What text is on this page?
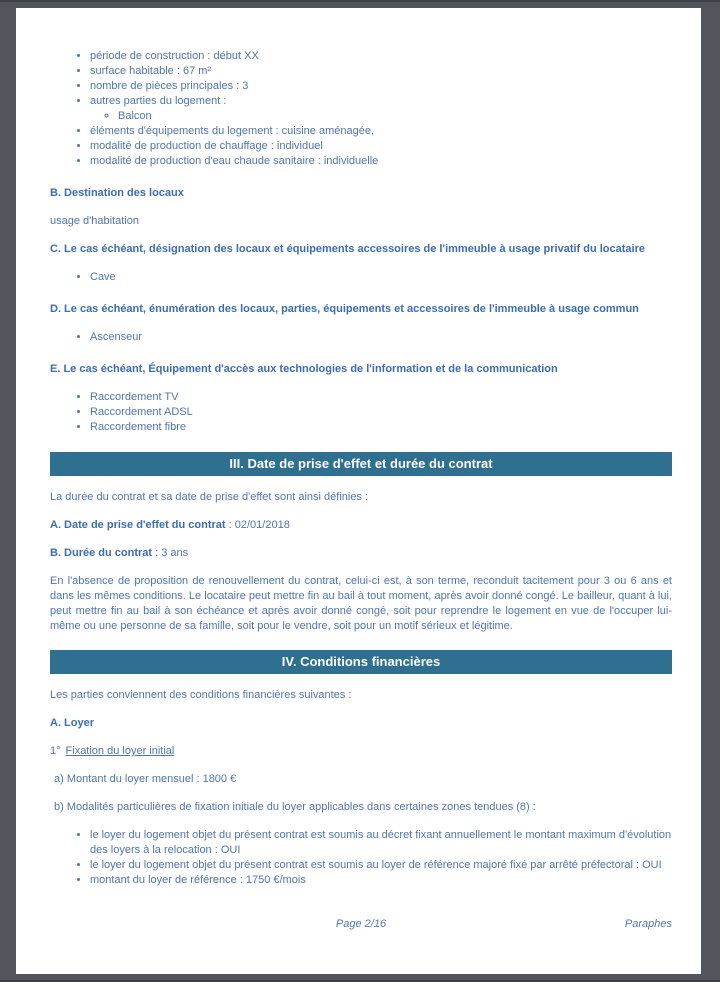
• période de construction : début XX
• surface habitable : 67 m²
• nombre de pièces principales : 3
• autres parties du logement :
◦ Balcon
• éléments d'équipements du logement : cuisine aménagée,
• modalité de production de chauffage : individuel
• modalité de production d'eau chaude sanitaire : individuelle

B. Destination des locaux

usage d'habitation

C. Le cas échéant, désignation des locaux et équipements accessoires de l'immeuble à usage privatif du locataire

• Cave

D. Le cas échéant, énumération des locaux, parties, équipements et accessoires de l'immeuble à usage commun

• Ascenseur

E. Le cas échéant, Équipement d'accès aux technologies de l'information et de la communication

• Raccordement TV
• Raccordement ADSL
• Raccordement fibre
III. Date de prise d'effet et durée du contrat

La durée du contrat et sa date de prise d'effet sont ainsi définies :

A. Date de prise d'effet du contrat : 02/01/2018

B. Durée du contrat : 3 ans

En l'absence de proposition de renouvellement du contrat, celui-ci est, à son terme, reconduit tacitement pour 3 ou 6 ans et dans les mêmes conditions. Le locataire peut mettre fin au bail à tout moment, après avoir donné congé. Le bailleur, quant à lui, peut mettre fin au bail à son échéance et après avoir donné congé, soit pour reprendre le logement en vue de l'occuper lui-même ou une personne de sa famille, soit pour le vendre, soit pour un motif sérieux et légitime.

IV. Conditions financières

Les parties conviennent des conditions financières suivantes :

A. Loyer

1° Fixation du loyer initial

a) Montant du loyer mensuel : 1800 €

b) Modalités particulières de fixation initiale du loyer applicables dans certaines zones tendues (8) :

• le loyer du logement objet du présent contrat est soumis au décret fixant annuellement le montant maximum d'évolution des loyers à la relocation : OUI
• le loyer du logement objet du présent contrat est soumis au loyer de référence majoré fixé par arrêté préfectoral : OUI
• montant du loyer de référence : 1750 €/mois
Page 2/16	Paraphes
